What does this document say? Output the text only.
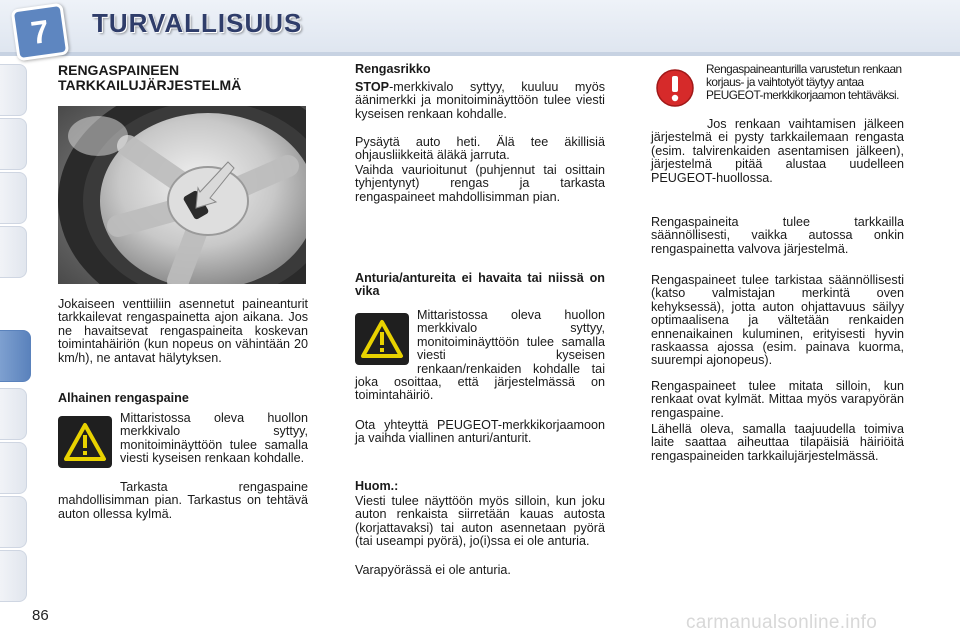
7	TURVALLISUUS
RENGASPAINEEN
TARKKAILUJÄRJESTELMÄ
Jokaiseen venttiiliin asennetut paineanturit tarkkailevat rengaspainetta ajon aikana. Jos ne havaitsevat rengaspaineita koskevan toimintahäiriön (kun nopeus on vähintään 20 km/h), ne antavat hälytyksen.
Alhainen rengaspaine
Mittaristossa oleva huollon merkkivalo syttyy, monitoiminäyttöön tulee samalla viesti kyseisen renkaan kohdalle.
Tarkasta rengaspaine mahdollisimman pian. Tarkastus on tehtävä auton ollessa kylmä.
Rengasrikko
STOP-merkkivalo syttyy, kuuluu myös äänimerkki ja monitoiminäyttöön tulee viesti kyseisen renkaan kohdalle.
Pysäytä auto heti. Älä tee äkillisiä ohjausliikkeitä äläkä jarruta.
Vaihda vaurioitunut (puhjennut tai osittain tyhjentynyt) rengas ja tarkasta rengaspaineet mahdollisimman pian.
Anturia/antureita ei havaita tai niissä on vika
Mittaristossa oleva huollon merkkivalo syttyy, monitoiminäyttöön tulee samalla viesti kyseisen renkaan/renkaiden kohdalle tai joka osoittaa, että järjestelmässä on toimintahäiriö.
Ota yhteyttä PEUGEOT-merkkikorjaamoon ja vaihda viallinen anturi/anturit.
Huom.:
Viesti tulee näyttöön myös silloin, kun joku auton renkaista siirretään kauas autosta (korjattavaksi) tai auton asennetaan pyörä (tai useampi pyörä), jo(i)ssa ei ole anturia.
Varapyörässä ei ole anturia.
Rengaspaineanturilla varustetun renkaan korjaus- ja vaihtotyöt täytyy antaa PEUGEOT-merkkikorjaamon tehtäväksi.
Jos renkaan vaihtamisen jälkeen järjestelmä ei pysty tarkkailemaan rengasta (esim. talvirenkaiden asentamisen jälkeen), järjestelmä pitää alustaa uudelleen PEUGEOT-huollossa.
Rengaspaineita tulee tarkkailla säännöllisesti, vaikka autossa onkin rengaspainetta valvova järjestelmä.
Rengaspaineet tulee tarkistaa säännöllisesti (katso valmistajan merkintä oven kehyksessä), jotta auton ohjattavuus säilyy optimaalisena ja vältetään renkaiden ennenaikainen kuluminen, erityisesti hyvin raskaassa ajossa (esim. painava kuorma, suurempi ajonopeus).
Rengaspaineet tulee mitata silloin, kun renkaat ovat kylmät. Mittaa myös varapyörän rengaspaine.
Lähellä oleva, samalla taajuudella toimiva laite saattaa aiheuttaa tilapäisiä häiriöitä rengaspaineiden tarkkailujärjestelmässä.
86	carmanualsonline.info
